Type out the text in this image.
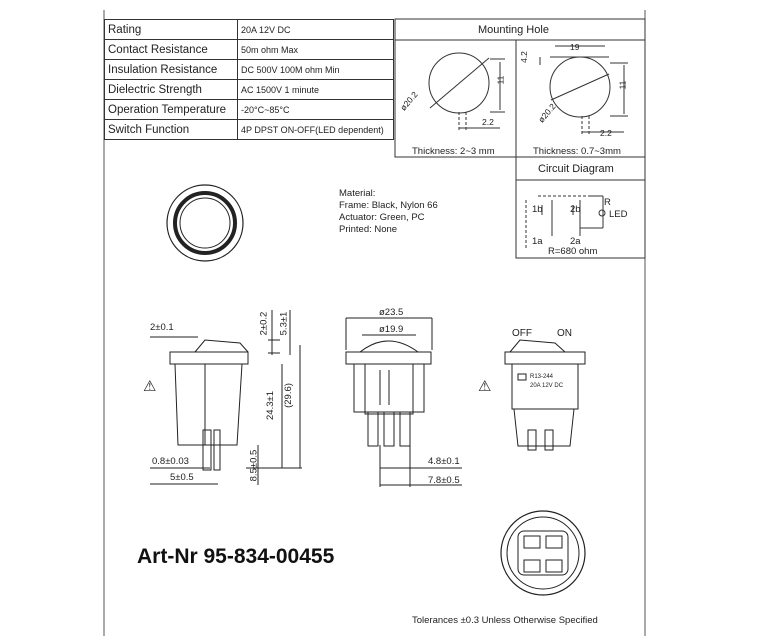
Rating	20A 12V DC
Contact Resistance	50m ohm Max
Insulation Resistance	DC 500V 100M ohm Min
Dielectric Strength	AC 1500V 1 minute
Operation Temperature	-20°C~85°C
Switch Function	4P DPST ON-OFF(LED dependent)
Mounting Hole
ø20.2
11
2.2
Thickness: 2~3 mm
19
4.2
ø20.2
11
2.2
Thickness: 0.7~3mm
Circuit Diagram
1b	2b
1a	2a
R
LED
R=680 ohm
Material:
Frame: Black, Nylon 66
Actuator: Green, PC
Printed: None
2±0.1	2±0.2 5.3±1
24.3±1 (29.6)
0.8±0.03
5±0.5	8.5±0.5
ø23.5
ø19.9
4.8±0.1
7.8±0.5
OFF	ON
R13-244
20A 12V DC
⚠	⚠
Art-Nr 95-834-00455
Tolerances ±0.3 Unless Otherwise Specified
